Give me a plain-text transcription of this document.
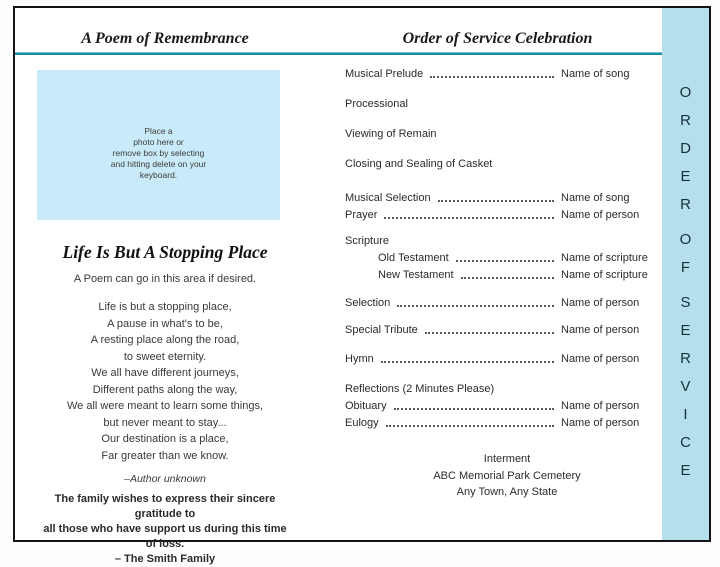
A Poem of Remembrance	Order of Service Celebration
ORDER
OF
SERVICE
Place a
photo here or
remove box by selecting
and hitting delete on your
keyboard.
Life Is But A Stopping Place
A Poem can go in this area if desired.
Life is but a stopping place,
A pause in what's to be,
A resting place along the road,
to sweet eternity.
We all have different journeys,
Different paths along the way,
We all were meant to learn some things,
but never meant to stay...
Our destination is a place,
Far greater than we know.
–Author unknown
The family wishes to express their sincere gratitude to
all those who have support us during this time of loss.
– The Smith Family
Musical Prelude	Name of song
Processional
Viewing of Remain
Closing and Sealing of Casket
Musical Selection	Name of song
Prayer	Name of person
Scripture
Old Testament	Name of scripture
New Testament	Name of scripture
Selection	Name of person
Special Tribute	Name of person
Hymn	Name of person
Reflections (2 Minutes Please)
Obituary	Name of person
Eulogy	Name of person
Interment
ABC Memorial Park Cemetery
Any Town, Any State
